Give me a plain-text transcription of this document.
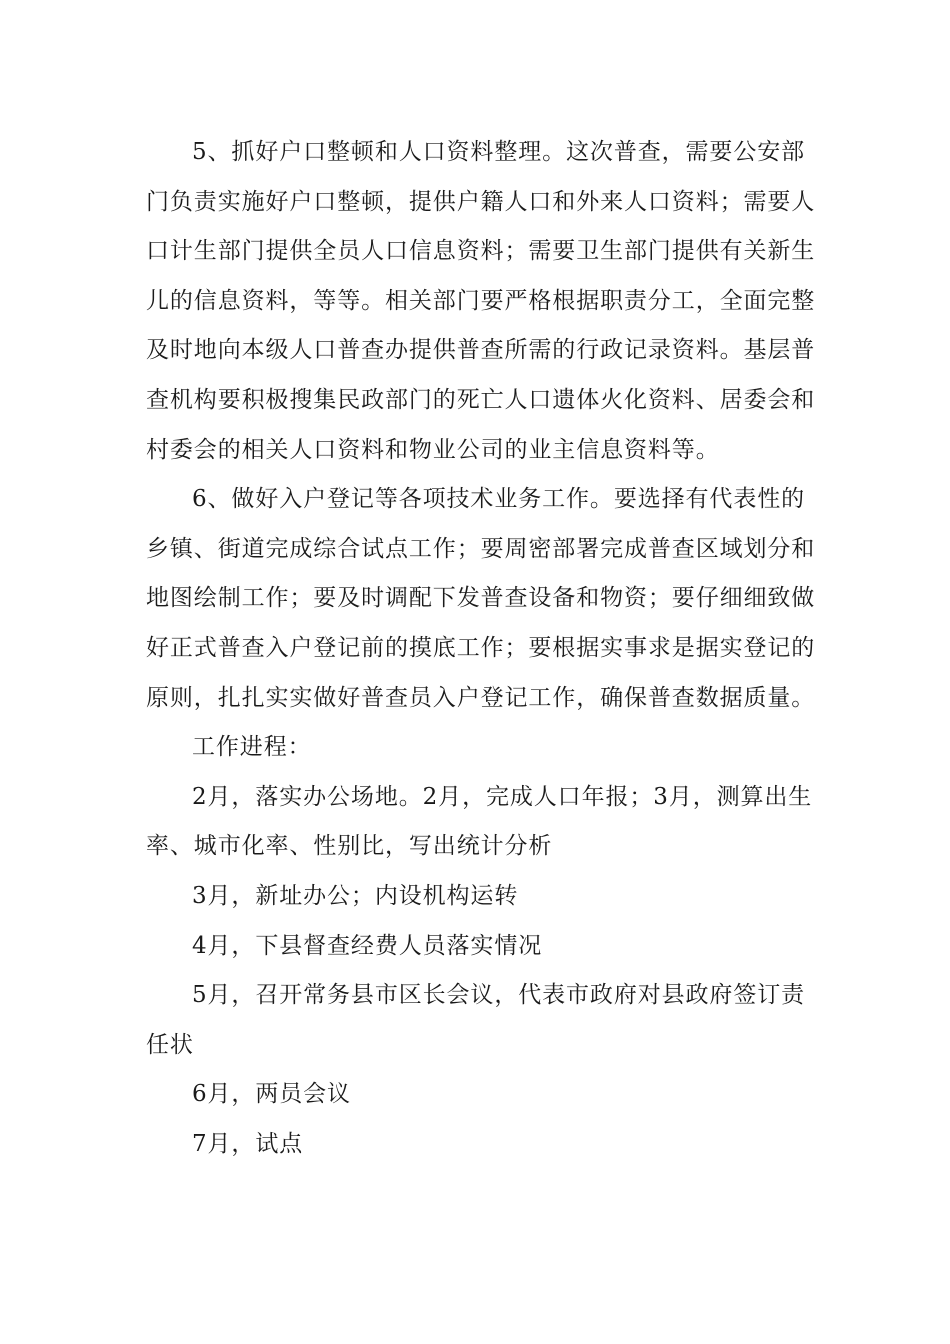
5、抓好户口整顿和人口资料整理。这次普查，需要公安部门负责实施好户口整顿，提供户籍人口和外来人口资料；需要人口计生部门提供全员人口信息资料；需要卫生部门提供有关新生儿的信息资料，等等。相关部门要严格根据职责分工，全面完整及时地向本级人口普查办提供普查所需的行政记录资料。基层普查机构要积极搜集民政部门的死亡人口遗体火化资料、居委会和村委会的相关人口资料和物业公司的业主信息资料等。

6、做好入户登记等各项技术业务工作。要选择有代表性的乡镇、街道完成综合试点工作；要周密部署完成普查区域划分和地图绘制工作；要及时调配下发普查设备和物资；要仔细细致做好正式普查入户登记前的摸底工作；要根据实事求是据实登记的原则，扎扎实实做好普查员入户登记工作，确保普查数据质量。

工作进程：

2月，落实办公场地。2月，完成人口年报；3月，测算出生率、城市化率、性别比，写出统计分析

3月，新址办公；内设机构运转

4月，下县督查经费人员落实情况

5月，召开常务县市区长会议，代表市政府对县政府签订责任状

6月，两员会议

7月，试点
